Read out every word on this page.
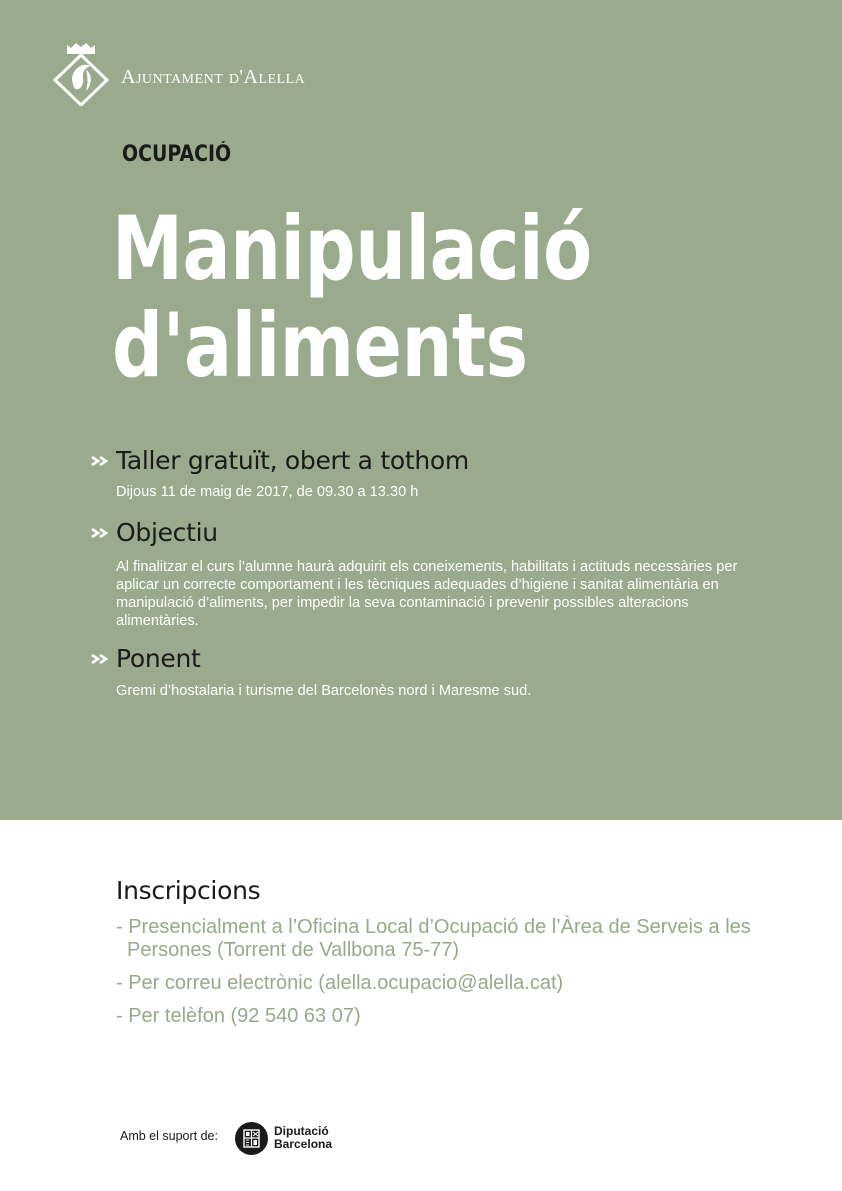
Ajuntament d'Alella
OCUPACIÓ
Manipulació
d'aliments
Taller gratuït, obert a tothom

Dijous 11 de maig de 2017, de 09.30 a 13.30 h

Objectiu

Al finalitzar el curs l’alumne haurà adquirit els coneixements, habilitats i actituds necessàries per aplicar un correcte comportament i les tècniques adequades d’higiene i sanitat alimentària en manipulació d’aliments, per impedir la seva contaminació i prevenir possibles alteracions alimentàries.

Ponent

Gremi d’hostalaria i turisme del Barcelonès nord i Maresme sud.

Inscripcions
- Presencialment a l’Oficina Local d’Ocupació de l’Àrea de Serveis a les Persones (Torrent de Vallbona 75-77)
- Per correu electrònic (alella.ocupacio@alella.cat)
- Per telèfon (92 540 63 07)
Amb el suport de:	Diputació
Barcelona
